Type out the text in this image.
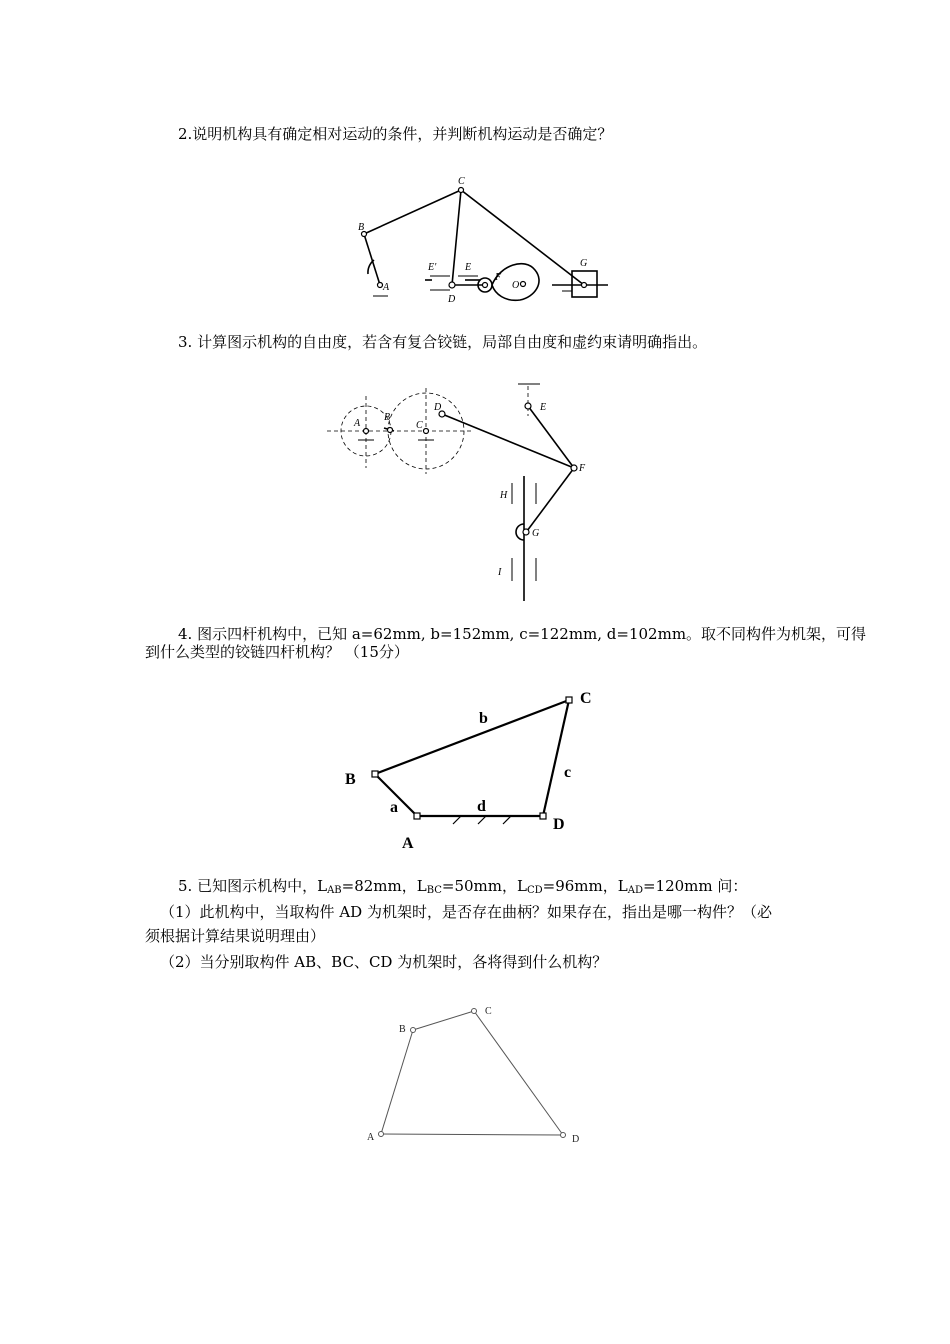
2.说明机构具有确定相对运动的条件，并判断机构运动是否确定？
C
B
E'	E
F
A
D
O
G
3. 计算图示机构的自由度，若含有复合铰链，局部自由度和虚约束请明确指出。
A
B
C
D	E
F
H
G
I
4. 图示四杆机构中，已知 a=62mm, b=152mm, c=122mm, d=102mm。取不同构件为机架，可得
到什么类型的铰链四杆机构？ （15分）
B
C
A
D
a
b
c
d
5. 已知图示机构中，$L_{AB}=82mm$，$L_{BC}=50mm$，$L_{CD}=96mm$，$L_{AD}=120mm$ 问：
（1）此机构中，当取构件 AD 为机架时，是否存在曲柄？如果存在，指出是哪一构件？（必
须根据计算结果说明理由）
（2）当分别取构件 AB、BC、CD 为机架时，各将得到什么机构？
A
B
C
D
